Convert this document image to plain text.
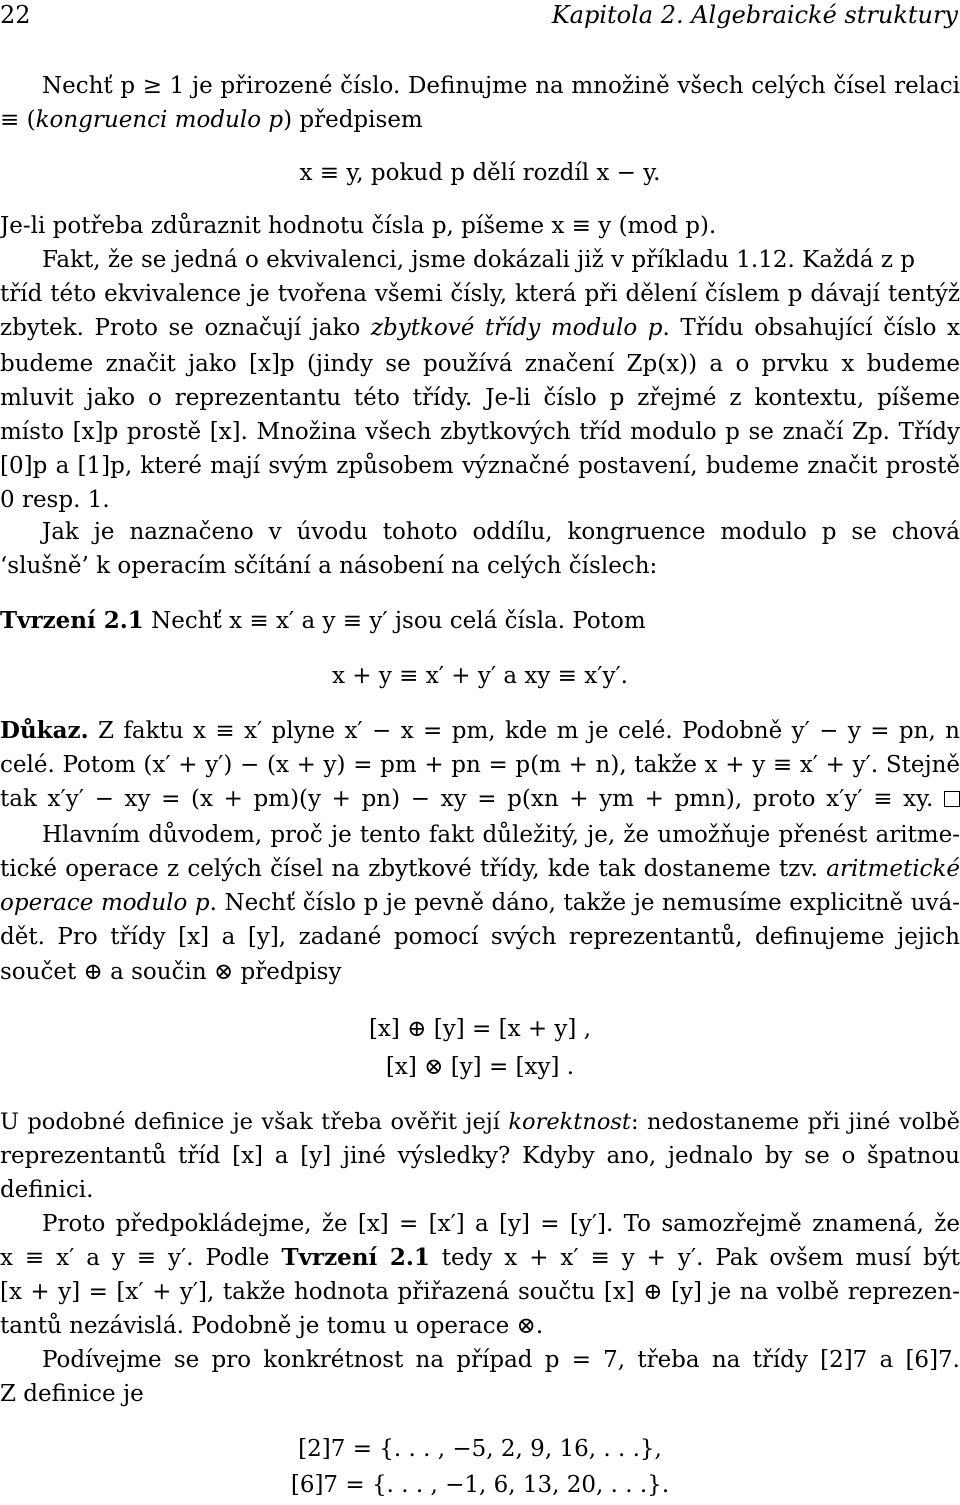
22	Kapitola 2. Algebraické struktury
Nechť p ≥ 1 je přirozené číslo. Definujme na množině všech celých čísel relaci
≡ (kongruenci modulo p) předpisem
x ≡ y, pokud p dělí rozdíl x − y.
Je-li potřeba zdůraznit hodnotu čísla p, píšeme x ≡ y (mod p).
Fakt, že se jedná o ekvivalenci, jsme dokázali již v příkladu 1.12. Každá z p
tříd této ekvivalence je tvořena všemi čísly, která při dělení číslem p dávají tentýž
zbytek. Proto se označují jako zbytkové třídy modulo p. Třídu obsahující číslo x
budeme značit jako [x]p (jindy se používá značení Zp(x)) a o prvku x budeme
mluvit jako o reprezentantu této třídy. Je-li číslo p zřejmé z kontextu, píšeme
místo [x]p prostě [x]. Množina všech zbytkových tříd modulo p se značí Zp. Třídy
[0]p a [1]p, které mají svým způsobem význačné postavení, budeme značit prostě
0 resp. 1.
Jak je naznačeno v úvodu tohoto oddílu, kongruence modulo p se chová
‘slušně’ k operacím sčítání a násobení na celých číslech:
Tvrzení 2.1 Nechť x ≡ x′ a y ≡ y′ jsou celá čísla. Potom
x + y ≡ x′ + y′ a xy ≡ x′y′.
Důkaz. Z faktu x ≡ x′ plyne x′ − x = pm, kde m je celé. Podobně y′ − y = pn, n
celé. Potom (x′ + y′) − (x + y) = pm + pn = p(m + n), takže x + y ≡ x′ + y′. Stejně
tak x′y′ − xy = (x + pm)(y + pn) − xy = p(xn + ym + pmn), proto x′y′ ≡ xy.
Hlavním důvodem, proč je tento fakt důležitý, je, že umožňuje přenést aritme-
tické operace z celých čísel na zbytkové třídy, kde tak dostaneme tzv. aritmetické
operace modulo p. Nechť číslo p je pevně dáno, takže je nemusíme explicitně uvá-
dět. Pro třídy [x] a [y], zadané pomocí svých reprezentantů, definujeme jejich
součet ⊕ a součin ⊗ předpisy
[x] ⊕ [y] = [x + y] ,
[x] ⊗ [y] = [xy] .
U podobné definice je však třeba ověřit její korektnost: nedostaneme při jiné volbě
reprezentantů tříd [x] a [y] jiné výsledky? Kdyby ano, jednalo by se o špatnou
definici.
Proto předpokládejme, že [x] = [x′] a [y] = [y′]. To samozřejmě znamená, že
x ≡ x′ a y ≡ y′. Podle Tvrzení 2.1 tedy x + x′ ≡ y + y′. Pak ovšem musí být
[x + y] = [x′ + y′], takže hodnota přiřazená součtu [x] ⊕ [y] je na volbě reprezen-
tantů nezávislá. Podobně je tomu u operace ⊗.
Podívejme se pro konkrétnost na případ p = 7, třeba na třídy [2]7 a [6]7.
Z definice je
[2]7 = {. . . , −5, 2, 9, 16, . . .},
[6]7 = {. . . , −1, 6, 13, 20, . . .}.
